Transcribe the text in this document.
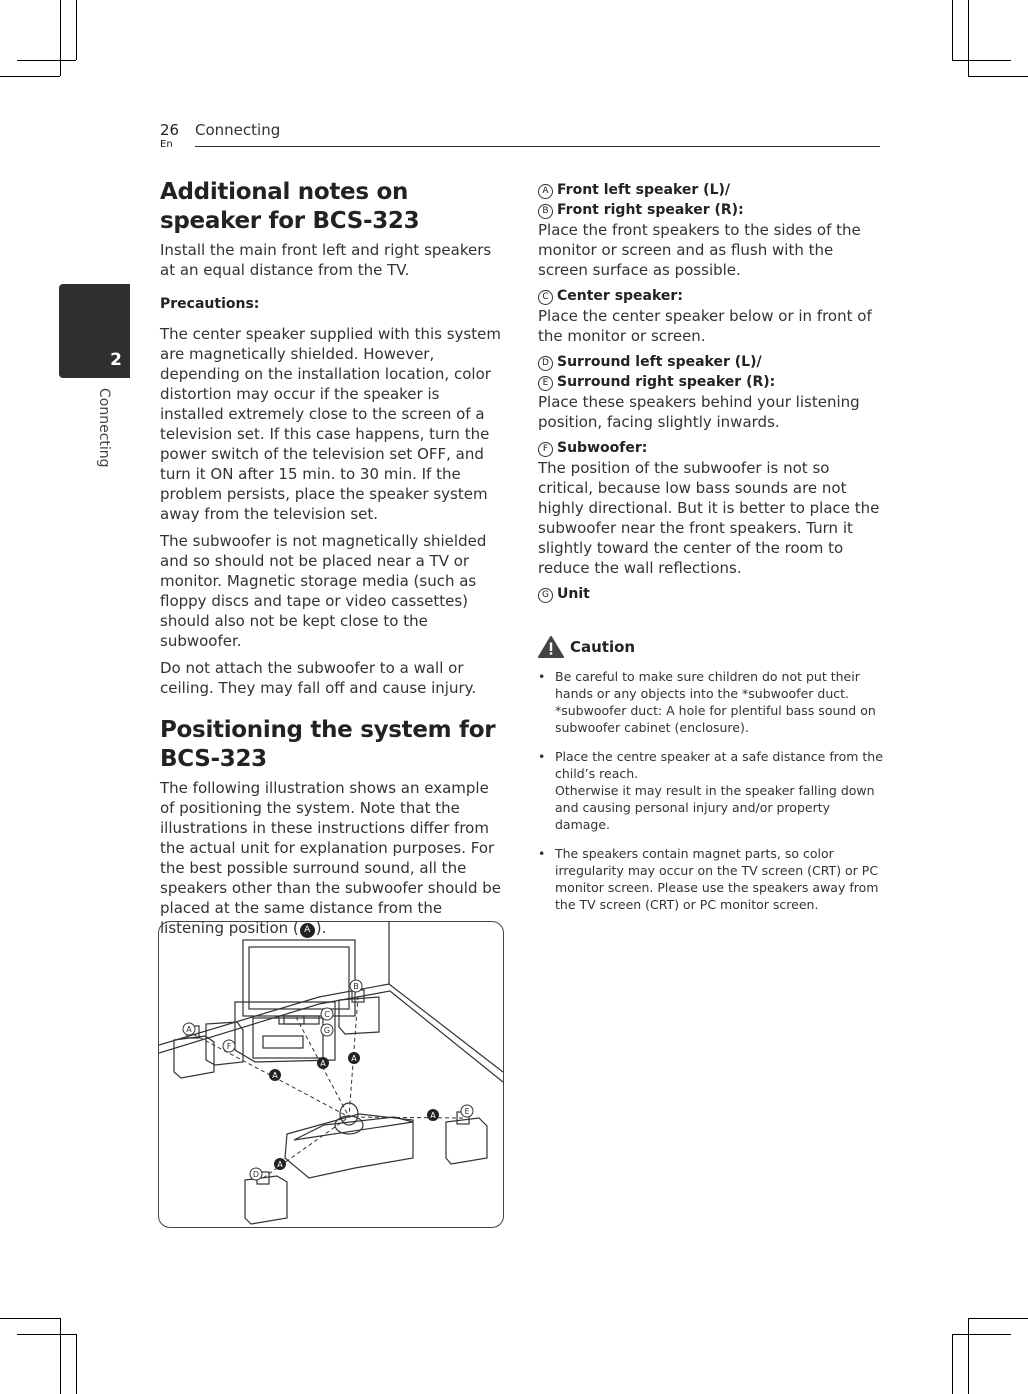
26
En
Connecting
2
Connecting
Additional notes on speaker for BCS-323

Install the main front left and right speakers at an equal distance from the TV.

Precautions:

The center speaker supplied with this system are magnetically shielded. However, depending on the installation location, color distortion may occur if the speaker is installed extremely close to the screen of a television set. If this case happens, turn the power switch of the television set OFF, and turn it ON after 15 min. to 30 min. If the problem persists, place the speaker system away from the television set.

The subwoofer is not magnetically shielded and so should not be placed near a TV or monitor. Magnetic storage media (such as floppy discs and tape or video cassettes) should also not be kept close to the subwoofer.

Do not attach the subwoofer to a wall or ceiling. They may fall off and cause injury.

Positioning the system for BCS-323

The following illustration shows an example of positioning the system. Note that the illustrations in these instructions differ from the actual unit for explanation purposes. For the best possible surround sound, all the speakers other than the subwoofer should be placed at the same distance from the listening position ( A ).

A Front left speaker (L)/
B Front right speaker (R):

Place the front speakers to the sides of the monitor or screen and as flush with the screen surface as possible.

C Center speaker:

Place the center speaker below or in front of the monitor or screen.

D Surround left speaker (L)/
E Surround right speaker (R):

Place these speakers behind your listening position, facing slightly inwards.

F Subwoofer:

The position of the subwoofer is not so critical, because low bass sounds are not highly directional. But it is better to place the subwoofer near the front speakers. Turn it slightly toward the center of the room to reduce the wall reflections.

G Unit
Caution
• Be careful to make sure children do not put their hands or any objects into the *subwoofer duct.
*subwoofer duct: A hole for plentiful bass sound on subwoofer cabinet (enclosure).
• Place the centre speaker at a safe distance from the child’s reach.
Otherwise it may result in the speaker falling down and causing personal injury and/or property damage.
• The speakers contain magnet parts, so color irregularity may occur on the TV screen (CRT) or PC monitor screen. Please use the speakers away from the TV screen (CRT) or PC monitor screen.
A
B
C
G
F
D
E
A
A
A
A
A
